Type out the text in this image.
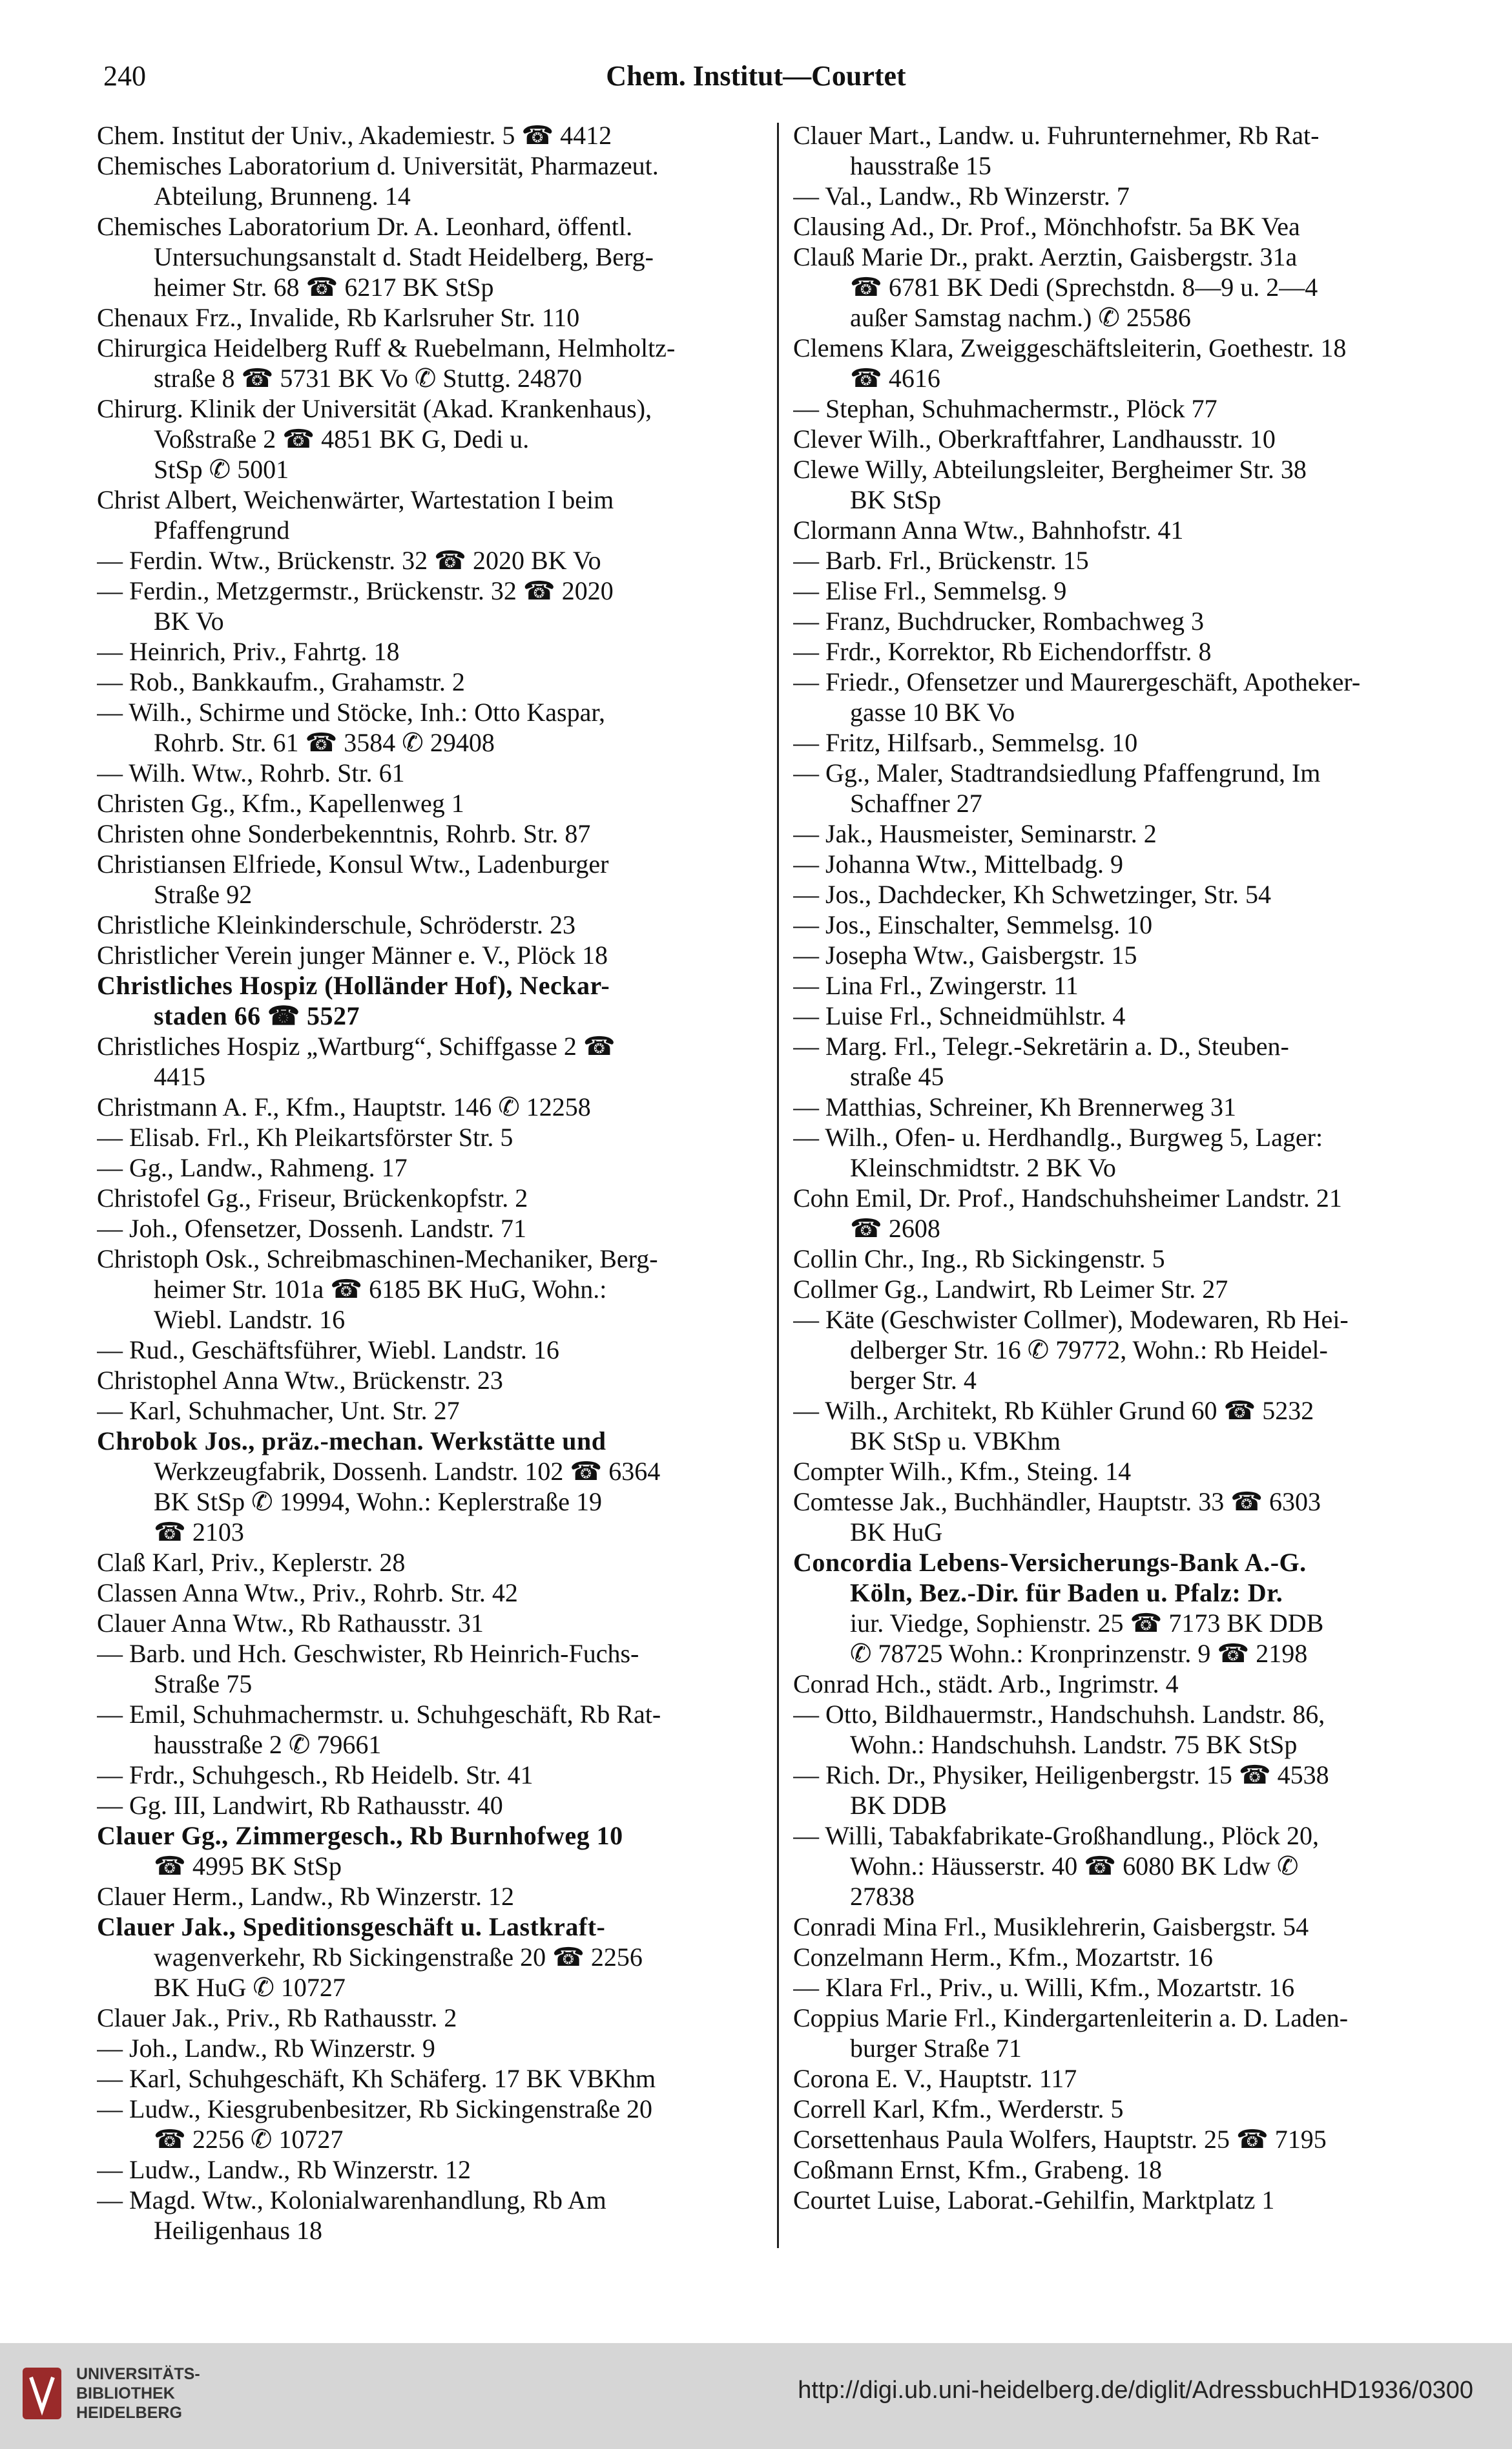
240	Chem. Institut—Courtet
Chem. Institut der Univ., Akademiestr. 5 ☎ 4412
Chemisches Laboratorium d. Universität, Pharmazeut.
Abteilung, Brunneng. 14
Chemisches Laboratorium Dr. A. Leonhard, öffentl.
Untersuchungsanstalt d. Stadt Heidelberg, Berg-
heimer Str. 68 ☎ 6217 BK StSp
Chenaux Frz., Invalide, Rb Karlsruher Str. 110
Chirurgica Heidelberg Ruff & Ruebelmann, Helmholtz-
straße 8 ☎ 5731 BK Vo ✆ Stuttg. 24870
Chirurg. Klinik der Universität (Akad. Krankenhaus),
Voßstraße 2 ☎ 4851 BK G, Dedi u.
StSp ✆ 5001
Christ Albert, Weichenwärter, Wartestation I beim
Pfaffengrund
— Ferdin. Wtw., Brückenstr. 32 ☎ 2020 BK Vo
— Ferdin., Metzgermstr., Brückenstr. 32 ☎ 2020
BK Vo
— Heinrich, Priv., Fahrtg. 18
— Rob., Bankkaufm., Grahamstr. 2
— Wilh., Schirme und Stöcke, Inh.: Otto Kaspar,
Rohrb. Str. 61 ☎ 3584 ✆ 29408
— Wilh. Wtw., Rohrb. Str. 61
Christen Gg., Kfm., Kapellenweg 1
Christen ohne Sonderbekenntnis, Rohrb. Str. 87
Christiansen Elfriede, Konsul Wtw., Ladenburger
Straße 92
Christliche Kleinkinderschule, Schröderstr. 23
Christlicher Verein junger Männer e. V., Plöck 18
Christliches Hospiz (Holländer Hof), Neckar-
staden 66 ☎ 5527
Christliches Hospiz „Wartburg“, Schiffgasse 2 ☎
4415
Christmann A. F., Kfm., Hauptstr. 146 ✆ 12258
— Elisab. Frl., Kh Pleikartsförster Str. 5
— Gg., Landw., Rahmeng. 17
Christofel Gg., Friseur, Brückenkopfstr. 2
— Joh., Ofensetzer, Dossenh. Landstr. 71
Christoph Osk., Schreibmaschinen-Mechaniker, Berg-
heimer Str. 101a ☎ 6185 BK HuG, Wohn.:
Wiebl. Landstr. 16
— Rud., Geschäftsführer, Wiebl. Landstr. 16
Christophel Anna Wtw., Brückenstr. 23
— Karl, Schuhmacher, Unt. Str. 27
Chrobok Jos., präz.-mechan. Werkstätte und
Werkzeugfabrik, Dossenh. Landstr. 102 ☎ 6364
BK StSp ✆ 19994, Wohn.: Keplerstraße 19
☎ 2103
Claß Karl, Priv., Keplerstr. 28
Classen Anna Wtw., Priv., Rohrb. Str. 42
Clauer Anna Wtw., Rb Rathausstr. 31
— Barb. und Hch. Geschwister, Rb Heinrich-Fuchs-
Straße 75
— Emil, Schuhmachermstr. u. Schuhgeschäft, Rb Rat-
hausstraße 2 ✆ 79661
— Frdr., Schuhgesch., Rb Heidelb. Str. 41
— Gg. III, Landwirt, Rb Rathausstr. 40
Clauer Gg., Zimmergesch., Rb Burnhofweg 10
☎ 4995 BK StSp
Clauer Herm., Landw., Rb Winzerstr. 12
Clauer Jak., Speditionsgeschäft u. Lastkraft-
wagenverkehr, Rb Sickingenstraße 20 ☎ 2256
BK HuG ✆ 10727
Clauer Jak., Priv., Rb Rathausstr. 2
— Joh., Landw., Rb Winzerstr. 9
— Karl, Schuhgeschäft, Kh Schäferg. 17 BK VBKhm
— Ludw., Kiesgrubenbesitzer, Rb Sickingenstraße 20
☎ 2256 ✆ 10727
— Ludw., Landw., Rb Winzerstr. 12
— Magd. Wtw., Kolonialwarenhandlung, Rb Am
Heiligenhaus 18
Clauer Mart., Landw. u. Fuhrunternehmer, Rb Rat-
hausstraße 15
— Val., Landw., Rb Winzerstr. 7
Clausing Ad., Dr. Prof., Mönchhofstr. 5a BK Vea
Clauß Marie Dr., prakt. Aerztin, Gaisbergstr. 31a
☎ 6781 BK Dedi (Sprechstdn. 8—9 u. 2—4
außer Samstag nachm.) ✆ 25586
Clemens Klara, Zweiggeschäftsleiterin, Goethestr. 18
☎ 4616
— Stephan, Schuhmachermstr., Plöck 77
Clever Wilh., Oberkraftfahrer, Landhausstr. 10
Clewe Willy, Abteilungsleiter, Bergheimer Str. 38
BK StSp
Clormann Anna Wtw., Bahnhofstr. 41
— Barb. Frl., Brückenstr. 15
— Elise Frl., Semmelsg. 9
— Franz, Buchdrucker, Rombachweg 3
— Frdr., Korrektor, Rb Eichendorffstr. 8
— Friedr., Ofensetzer und Maurergeschäft, Apotheker-
gasse 10 BK Vo
— Fritz, Hilfsarb., Semmelsg. 10
— Gg., Maler, Stadtrandsiedlung Pfaffengrund, Im
Schaffner 27
— Jak., Hausmeister, Seminarstr. 2
— Johanna Wtw., Mittelbadg. 9
— Jos., Dachdecker, Kh Schwetzinger, Str. 54
— Jos., Einschalter, Semmelsg. 10
— Josepha Wtw., Gaisbergstr. 15
— Lina Frl., Zwingerstr. 11
— Luise Frl., Schneidmühlstr. 4
— Marg. Frl., Telegr.-Sekretärin a. D., Steuben-
straße 45
— Matthias, Schreiner, Kh Brennerweg 31
— Wilh., Ofen- u. Herdhandlg., Burgweg 5, Lager:
Kleinschmidtstr. 2 BK Vo
Cohn Emil, Dr. Prof., Handschuhsheimer Landstr. 21
☎ 2608
Collin Chr., Ing., Rb Sickingenstr. 5
Collmer Gg., Landwirt, Rb Leimer Str. 27
— Käte (Geschwister Collmer), Modewaren, Rb Hei-
delberger Str. 16 ✆ 79772, Wohn.: Rb Heidel-
berger Str. 4
— Wilh., Architekt, Rb Kühler Grund 60 ☎ 5232
BK StSp u. VBKhm
Compter Wilh., Kfm., Steing. 14
Comtesse Jak., Buchhändler, Hauptstr. 33 ☎ 6303
BK HuG
Concordia Lebens-Versicherungs-Bank A.-G.
Köln, Bez.-Dir. für Baden u. Pfalz: Dr.
iur. Viedge, Sophienstr. 25 ☎ 7173 BK DDB
✆ 78725 Wohn.: Kronprinzenstr. 9 ☎ 2198
Conrad Hch., städt. Arb., Ingrimstr. 4
— Otto, Bildhauermstr., Handschuhsh. Landstr. 86,
Wohn.: Handschuhsh. Landstr. 75 BK StSp
— Rich. Dr., Physiker, Heiligenbergstr. 15 ☎ 4538
BK DDB
— Willi, Tabakfabrikate-Großhandlung., Plöck 20,
Wohn.: Häusserstr. 40 ☎ 6080 BK Ldw ✆
27838
Conradi Mina Frl., Musiklehrerin, Gaisbergstr. 54
Conzelmann Herm., Kfm., Mozartstr. 16
— Klara Frl., Priv., u. Willi, Kfm., Mozartstr. 16
Coppius Marie Frl., Kindergartenleiterin a. D. Laden-
burger Straße 71
Corona E. V., Hauptstr. 117
Correll Karl, Kfm., Werderstr. 5
Corsettenhaus Paula Wolfers, Hauptstr. 25 ☎ 7195
Coßmann Ernst, Kfm., Grabeng. 18
Courtet Luise, Laborat.-Gehilfin, Marktplatz 1
UNIVERSITÄTS-
BIBLIOTHEK
HEIDELBERG
http://digi.ub.uni-heidelberg.de/diglit/AdressbuchHD1936/0300
